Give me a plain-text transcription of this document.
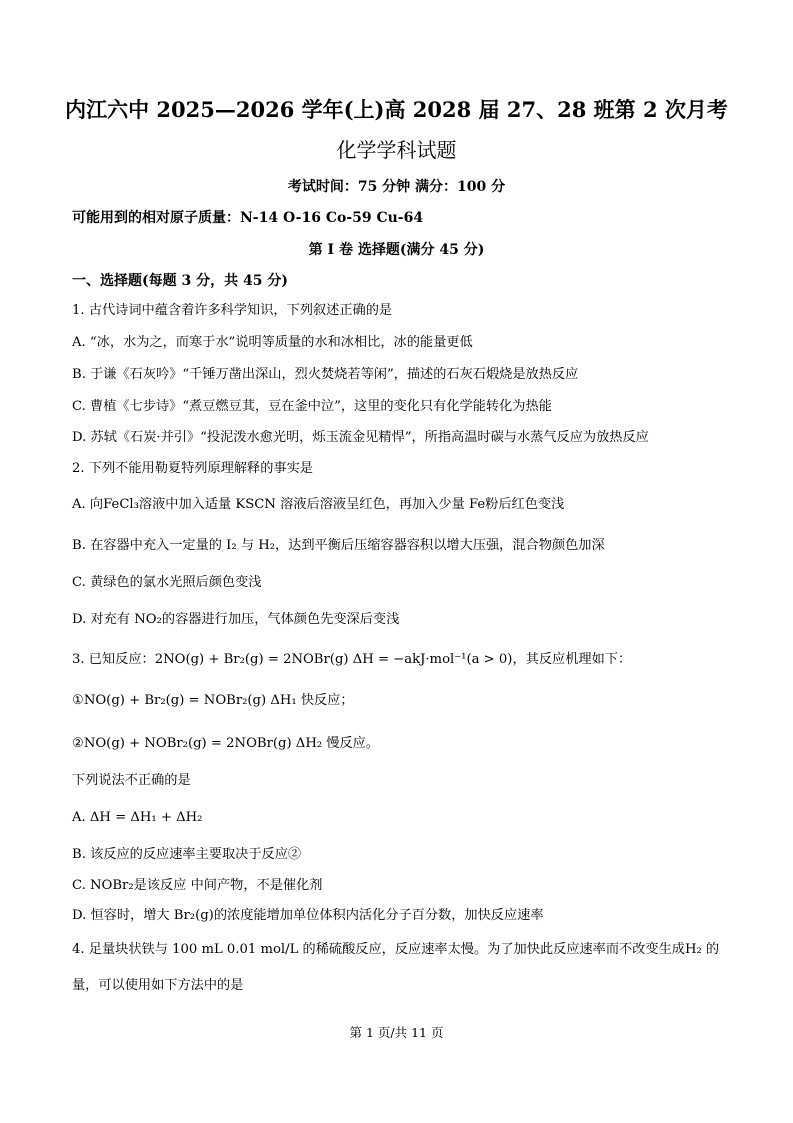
内江六中 2025—2026 学年(上)高 2028 届 27、28 班第 2 次月考
化学学科试题
考试时间：75 分钟 满分：100 分
可能用到的相对原子质量：N-14 O-16 Co-59 Cu-64
第 I 卷 选择题(满分 45 分)
一、选择题(每题 3 分，共 45 分)
1. 古代诗词中蕴含着许多科学知识，下列叙述正确的是
A. “冰，水为之，而寒于水”说明等质量的水和冰相比，冰的能量更低
B. 于谦《石灰吟》“千锤万凿出深山，烈火焚烧若等闲”，描述的石灰石煅烧是放热反应
C. 曹植《七步诗》“煮豆燃豆萁，豆在釜中泣”，这里的变化只有化学能转化为热能
D. 苏轼《石炭·并引》“投泥泼水愈光明，烁玉流金见精悍”，所指高温时碳与水蒸气反应为放热反应
2. 下列不能用勒夏特列原理解释的事实是
A. 向FeCl₃溶液中加入适量 KSCN 溶液后溶液呈红色，再加入少量 Fe粉后红色变浅
B. 在容器中充入一定量的 I₂ 与 H₂，达到平衡后压缩容器容积以增大压强，混合物颜色加深
C. 黄绿色的氯水光照后颜色变浅
D. 对充有 NO₂的容器进行加压，气体颜色先变深后变浅
3. 已知反应：2NO(g) + Br₂(g) = 2NOBr(g) ΔH = −akJ·mol⁻¹(a > 0)，其反应机理如下：
①NO(g) + Br₂(g) = NOBr₂(g) ΔH₁ 快反应；
②NO(g) + NOBr₂(g) = 2NOBr(g) ΔH₂ 慢反应。
下列说法不正确的是
A. ΔH = ΔH₁ + ΔH₂
B. 该反应的反应速率主要取决于反应②
C. NOBr₂是该反应 中间产物，不是催化剂
D. 恒容时，增大 Br₂(g)的浓度能增加单位体积内活化分子百分数，加快反应速率
4. 足量块状铁与 100 mL 0.01 mol/L 的稀硫酸反应，反应速率太慢。为了加快此反应速率而不改变生成H₂ 的
量，可以使用如下方法中的是
第 1 页/共 11 页
